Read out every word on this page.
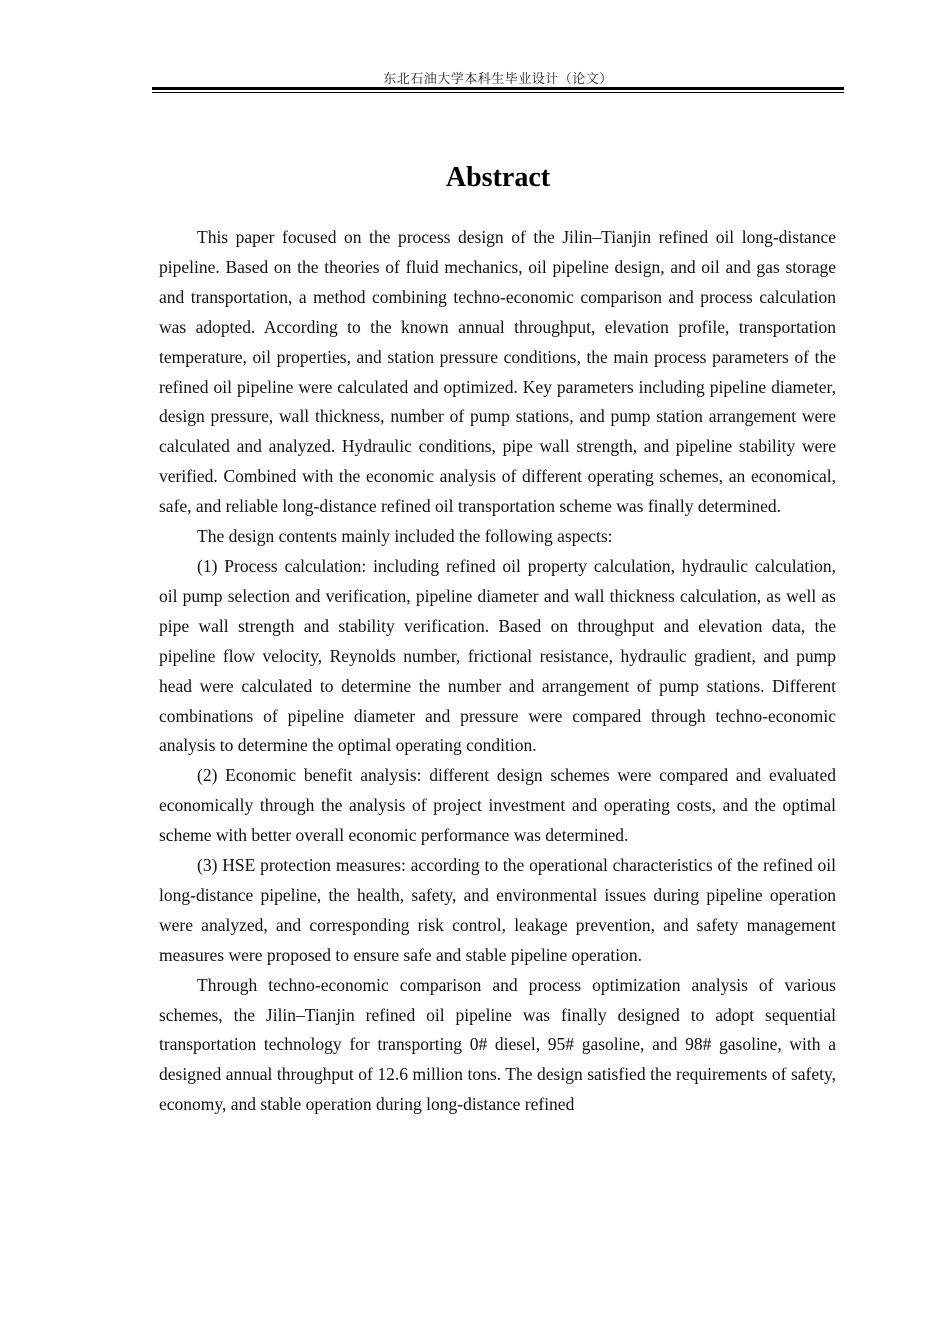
东北石油大学本科生毕业设计（论文）
Abstract

This paper focused on the process design of the Jilin–Tianjin refined oil long-distance pipeline. Based on the theories of fluid mechanics, oil pipeline design, and oil and gas storage and transportation, a method combining techno-economic comparison and process calculation was adopted. According to the known annual throughput, elevation profile, transportation temperature, oil properties, and station pressure conditions, the main process parameters of the refined oil pipeline were calculated and optimized. Key parameters including pipeline diameter, design pressure, wall thickness, number of pump stations, and pump station arrangement were calculated and analyzed. Hydraulic conditions, pipe wall strength, and pipeline stability were verified. Combined with the economic analysis of different operating schemes, an economical, safe, and reliable long-distance refined oil transportation scheme was finally determined.

The design contents mainly included the following aspects:

(1) Process calculation: including refined oil property calculation, hydraulic calculation, oil pump selection and verification, pipeline diameter and wall thickness calculation, as well as pipe wall strength and stability verification. Based on throughput and elevation data, the pipeline flow velocity, Reynolds number, frictional resistance, hydraulic gradient, and pump head were calculated to determine the number and arrangement of pump stations. Different combinations of pipeline diameter and pressure were compared through techno-economic analysis to determine the optimal operating condition.

(2) Economic benefit analysis: different design schemes were compared and evaluated economically through the analysis of project investment and operating costs, and the optimal scheme with better overall economic performance was determined.

(3) HSE protection measures: according to the operational characteristics of the refined oil long-distance pipeline, the health, safety, and environmental issues during pipeline operation were analyzed, and corresponding risk control, leakage prevention, and safety management measures were proposed to ensure safe and stable pipeline operation.

Through techno-economic comparison and process optimization analysis of various schemes, the Jilin–Tianjin refined oil pipeline was finally designed to adopt sequential transportation technology for transporting 0# diesel, 95# gasoline, and 98# gasoline, with a designed annual throughput of 12.6 million tons. The design satisfied the requirements of safety, economy, and stable operation during long-distance refined
